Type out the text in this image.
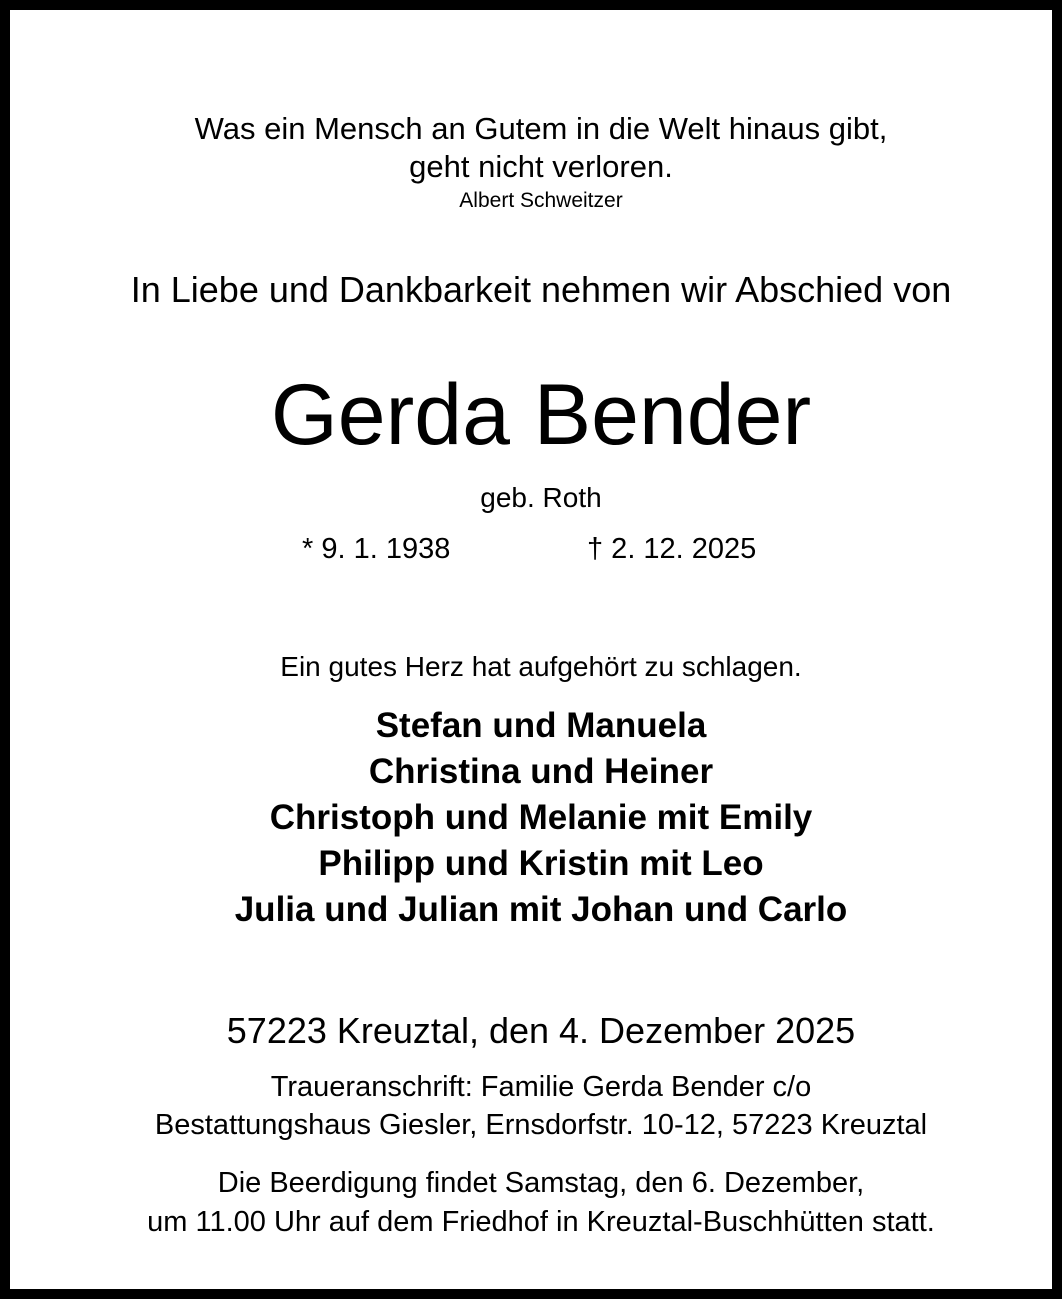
Was ein Mensch an Gutem in die Welt hinaus gibt,
geht nicht verloren.
Albert Schweitzer
In Liebe und Dankbarkeit nehmen wir Abschied von
Gerda Bender
geb. Roth
* 9. 1. 1938	† 2. 12. 2025
Ein gutes Herz hat aufgehört zu schlagen.
Stefan und Manuela
Christina und Heiner
Christoph und Melanie mit Emily
Philipp und Kristin mit Leo
Julia und Julian mit Johan und Carlo
57223 Kreuztal, den 4. Dezember 2025
Traueranschrift: Familie Gerda Bender c/o
Bestattungshaus Giesler, Ernsdorfstr. 10-12, 57223 Kreuztal
Die Beerdigung findet Samstag, den 6. Dezember,
um 11.00 Uhr auf dem Friedhof in Kreuztal-Buschhütten statt.
